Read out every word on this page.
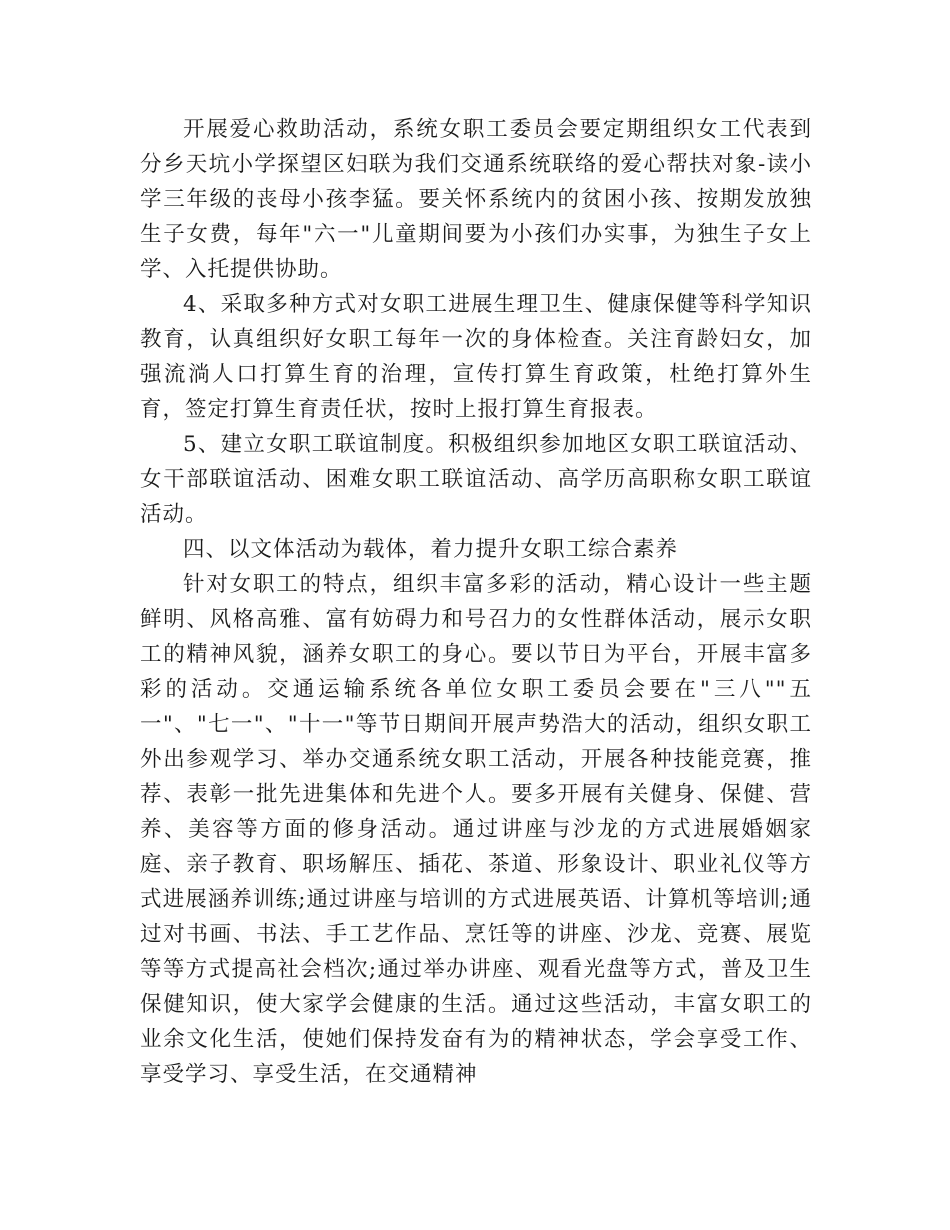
开展爱心救助活动，系统女职工委员会要定期组织女工代表到分乡天坑小学探望区妇联为我们交通系统联络的爱心帮扶对象-读小学三年级的丧母小孩李猛。要关怀系统内的贫困小孩、按期发放独生子女费，每年"六一"儿童期间要为小孩们办实事，为独生子女上学、入托提供协助。

4、采取多种方式对女职工进展生理卫生、健康保健等科学知识教育，认真组织好女职工每年一次的身体检查。关注育龄妇女，加强流淌人口打算生育的治理，宣传打算生育政策，杜绝打算外生育，签定打算生育责任状，按时上报打算生育报表。

5、建立女职工联谊制度。积极组织参加地区女职工联谊活动、女干部联谊活动、困难女职工联谊活动、高学历高职称女职工联谊活动。

四、以文体活动为载体，着力提升女职工综合素养

针对女职工的特点，组织丰富多彩的活动，精心设计一些主题鲜明、风格高雅、富有妨碍力和号召力的女性群体活动，展示女职工的精神风貌，涵养女职工的身心。要以节日为平台，开展丰富多彩的活动。交通运输系统各单位女职工委员会要在"三八""五一"、"七一"、"十一"等节日期间开展声势浩大的活动，组织女职工外出参观学习、举办交通系统女职工活动，开展各种技能竞赛，推荐、表彰一批先进集体和先进个人。要多开展有关健身、保健、营养、美容等方面的修身活动。通过讲座与沙龙的方式进展婚姻家庭、亲子教育、职场解压、插花、茶道、形象设计、职业礼仪等方式进展涵养训练;通过讲座与培训的方式进展英语、计算机等培训;通过对书画、书法、手工艺作品、烹饪等的讲座、沙龙、竞赛、展览等等方式提高社会档次;通过举办讲座、观看光盘等方式，普及卫生保健知识，使大家学会健康的生活。通过这些活动，丰富女职工的业余文化生活，使她们保持发奋有为的精神状态，学会享受工作、享受学习、享受生活，在交通精神
